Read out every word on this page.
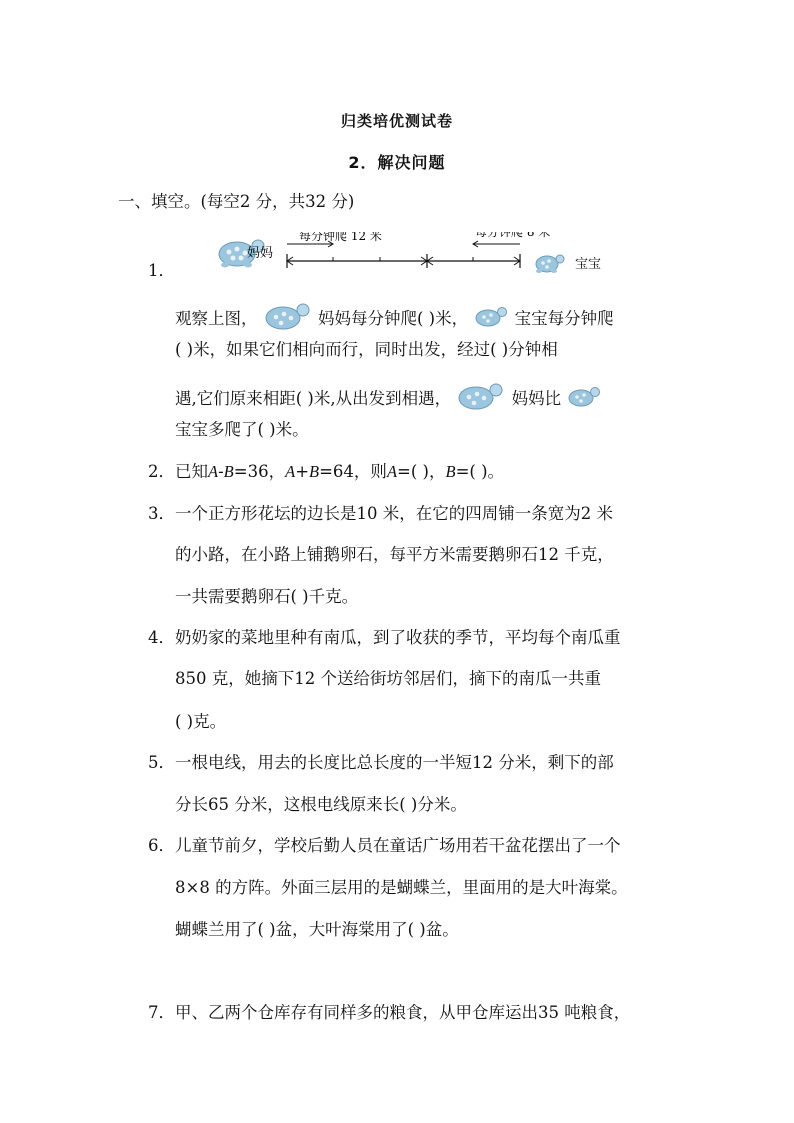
归类培优测试卷
2．解决问题
一、填空。(每空2 分，共32 分)
妈妈
每分钟爬 12 米	每分钟爬 8 米
宝宝
1．
观察上图，	妈妈每分钟爬( )米，	宝宝每分钟爬
( )米，如果它们相向而行，同时出发，经过( )分钟相
遇,它们原来相距( )米,从出发到相遇，	妈妈比
宝宝多爬了( )米。
2．已知A-B=36，A+B=64，则A=( )，B=( )。
3．一个正方形花坛的边长是10 米，在它的四周铺一条宽为2 米
的小路，在小路上铺鹅卵石，每平方米需要鹅卵石12 千克，
一共需要鹅卵石( )千克。
4．奶奶家的菜地里种有南瓜，到了收获的季节，平均每个南瓜重
850 克，她摘下12 个送给街坊邻居们，摘下的南瓜一共重
( )克。
5．一根电线，用去的长度比总长度的一半短12 分米，剩下的部
分长65 分米，这根电线原来长( )分米。
6．儿童节前夕，学校后勤人员在童话广场用若干盆花摆出了一个
8×8 的方阵。外面三层用的是蝴蝶兰，里面用的是大叶海棠。
蝴蝶兰用了( )盆，大叶海棠用了( )盆。
7．甲、乙两个仓库存有同样多的粮食，从甲仓库运出35 吨粮食，
